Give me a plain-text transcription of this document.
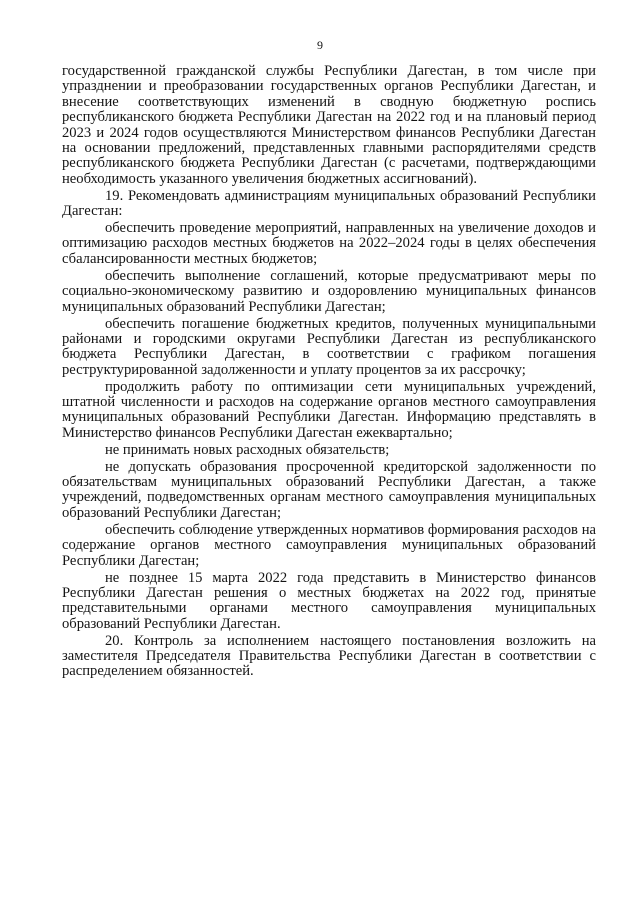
9

государственной гражданской службы Республики Дагестан, в том числе при упразднении и преобразовании государственных органов Республики Дагестан, и внесение соответствующих изменений в сводную бюджетную роспись республиканского бюджета Республики Дагестан на 2022 год и на плановый период 2023 и 2024 годов осуществляются Министерством финансов Республики Дагестан на основании предложений, представленных главными распорядителями средств республиканского бюджета Республики Дагестан (с расчетами, подтверждающими необходимость указанного увеличения бюджетных ассигнований).

19. Рекомендовать администрациям муниципальных образований Республики Дагестан:

обеспечить проведение мероприятий, направленных на увеличение доходов и оптимизацию расходов местных бюджетов на 2022–2024 годы в целях обеспечения сбалансированности местных бюджетов;

обеспечить выполнение соглашений, которые предусматривают меры по социально-экономическому развитию и оздоровлению муниципальных финансов муниципальных образований Республики Дагестан;

обеспечить погашение бюджетных кредитов, полученных муниципальными районами и городскими округами Республики Дагестан из республиканского бюджета Республики Дагестан, в соответствии с графиком погашения реструктурированной задолженности и уплату процентов за их рассрочку;

продолжить работу по оптимизации сети муниципальных учреждений, штатной численности и расходов на содержание органов местного самоуправления муниципальных образований Республики Дагестан. Информацию представлять в Министерство финансов Республики Дагестан ежеквартально;

не принимать новых расходных обязательств;

не допускать образования просроченной кредиторской задолженности по обязательствам муниципальных образований Республики Дагестан, а также учреждений, подведомственных органам местного самоуправления муниципальных образований Республики Дагестан;

обеспечить соблюдение утвержденных нормативов формирования расходов на содержание органов местного самоуправления муниципальных образований Республики Дагестан;

не позднее 15 марта 2022 года представить в Министерство финансов Республики Дагестан решения о местных бюджетах на 2022 год, принятые представительными органами местного самоуправления муниципальных образований Республики Дагестан.

20. Контроль за исполнением настоящего постановления возложить на заместителя Председателя Правительства Республики Дагестан в соответствии с распределением обязанностей.
